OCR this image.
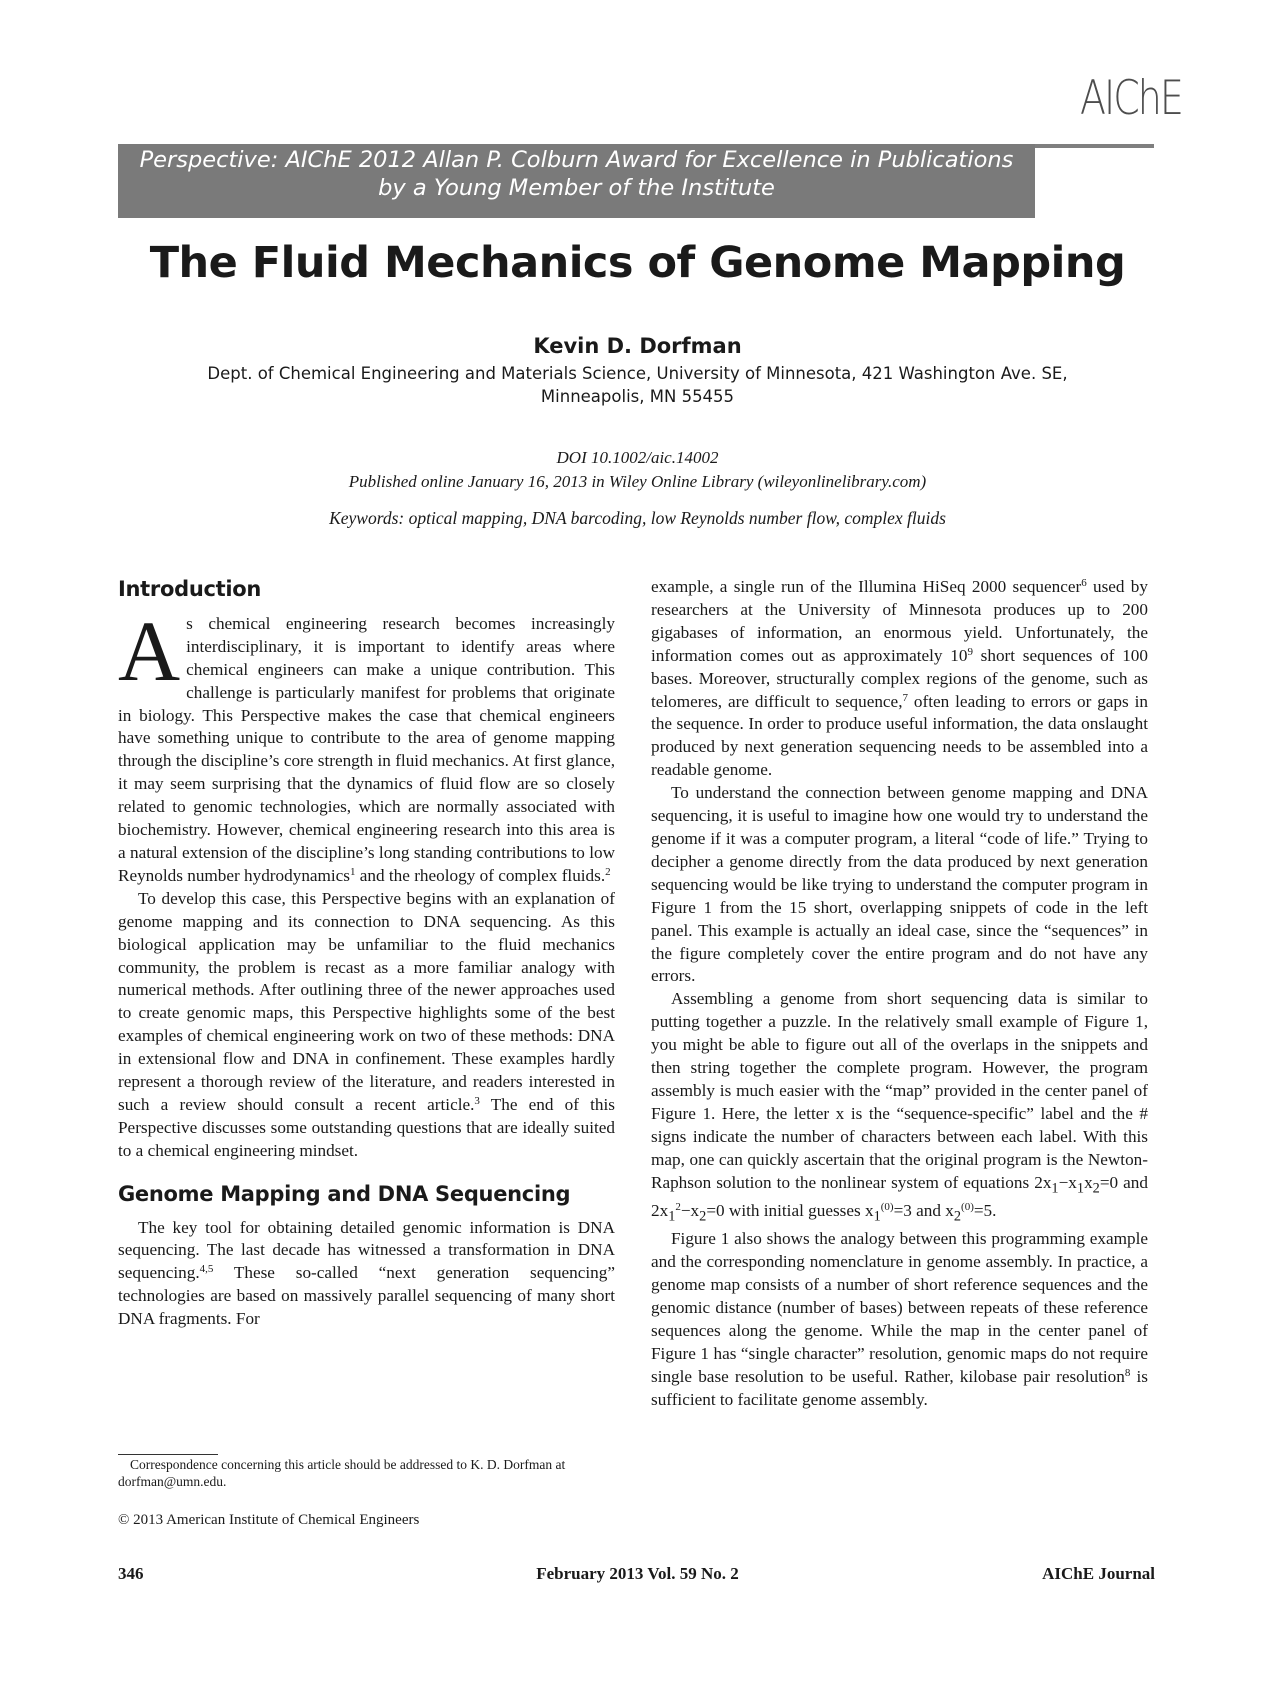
AIChE
Perspective: AIChE 2012 Allan P. Colburn Award for Excellence in Publications
by a Young Member of the Institute
The Fluid Mechanics of Genome Mapping
Kevin D. Dorfman
Dept. of Chemical Engineering and Materials Science, University of Minnesota, 421 Washington Ave. SE,
Minneapolis, MN 55455
DOI 10.1002/aic.14002
Published online January 16, 2013 in Wiley Online Library (wileyonlinelibrary.com)
Keywords: optical mapping, DNA barcoding, low Reynolds number flow, complex fluids
Introduction

As chemical engineering research becomes increasingly interdisciplinary, it is important to identify areas where chemical engineers can make a unique contribution. This challenge is particularly manifest for problems that originate in biology. This Perspective makes the case that chemical engineers have something unique to contribute to the area of genome mapping through the discipline’s core strength in fluid mechanics. At first glance, it may seem surprising that the dynamics of fluid flow are so closely related to genomic technologies, which are normally associated with biochemistry. However, chemical engineering research into this area is a natural extension of the discipline’s long standing contributions to low Reynolds number hydrodynamics$^1$ and the rheology of complex fluids.$^2$

To develop this case, this Perspective begins with an explanation of genome mapping and its connection to DNA sequencing. As this biological application may be unfamiliar to the fluid mechanics community, the problem is recast as a more familiar analogy with numerical methods. After outlining three of the newer approaches used to create genomic maps, this Perspective highlights some of the best examples of chemical engineering work on two of these methods: DNA in extensional flow and DNA in confinement. These examples hardly represent a thorough review of the literature, and readers interested in such a review should consult a recent article.$^3$ The end of this Perspective discusses some outstanding questions that are ideally suited to a chemical engineering mindset.

Genome Mapping and DNA Sequencing

The key tool for obtaining detailed genomic information is DNA sequencing. The last decade has witnessed a transformation in DNA sequencing.$^{4,5}$ These so-called “next generation sequencing” technologies are based on massively parallel sequencing of many short DNA fragments. For

example, a single run of the Illumina HiSeq 2000 sequencer$^6$ used by researchers at the University of Minnesota produces up to 200 gigabases of information, an enormous yield. Unfortunately, the information comes out as approximately $10^9$ short sequences of 100 bases. Moreover, structurally complex regions of the genome, such as telomeres, are difficult to sequence,$^7$ often leading to errors or gaps in the sequence. In order to produce useful information, the data onslaught produced by next generation sequencing needs to be assembled into a readable genome.

To understand the connection between genome mapping and DNA sequencing, it is useful to imagine how one would try to understand the genome if it was a computer program, a literal “code of life.” Trying to decipher a genome directly from the data produced by next generation sequencing would be like trying to understand the computer program in Figure 1 from the 15 short, overlapping snippets of code in the left panel. This example is actually an ideal case, since the “sequences” in the figure completely cover the entire program and do not have any errors.

Assembling a genome from short sequencing data is similar to putting together a puzzle. In the relatively small example of Figure 1, you might be able to figure out all of the overlaps in the snippets and then string together the complete program. However, the program assembly is much easier with the “map” provided in the center panel of Figure 1. Here, the letter x is the “sequence-specific” label and the # signs indicate the number of characters between each label. With this map, one can quickly ascertain that the original program is the Newton-Raphson solution to the nonlinear system of equations $2x_1-x_1x_2=0$ and $2x_1^2-x_2=0$ with initial guesses $x_1^{(0)}=3$ and $x_2^{(0)}=5$.

Figure 1 also shows the analogy between this programming example and the corresponding nomenclature in genome assembly. In practice, a genome map consists of a number of short reference sequences and the genomic distance (number of bases) between repeats of these reference sequences along the genome. While the map in the center panel of Figure 1 has “single character” resolution, genomic maps do not require single base resolution to be useful. Rather, kilobase pair resolution$^8$ is sufficient to facilitate genome assembly.

Correspondence concerning this article should be addressed to K. D. Dorfman at dorfman@umn.edu.
© 2013 American Institute of Chemical Engineers
346	February 2013 Vol. 59 No. 2	AIChE Journal
